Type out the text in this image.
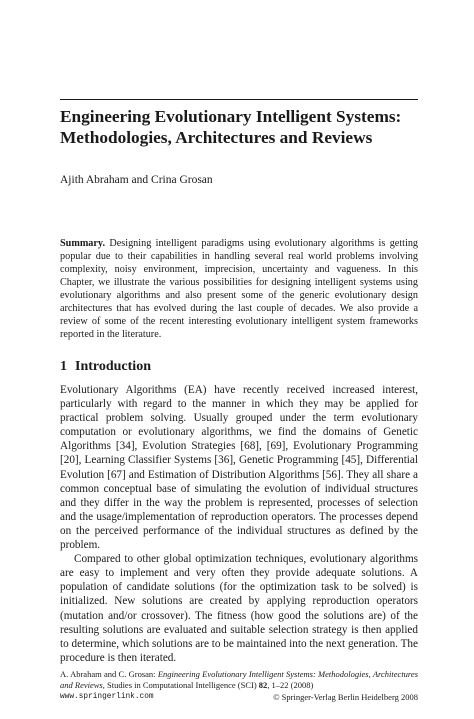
Engineering Evolutionary Intelligent Systems:
Methodologies, Architectures and Reviews
Ajith Abraham and Crina Grosan

Summary. Designing intelligent paradigms using evolutionary algorithms is getting popular due to their capabilities in handling several real world problems involving complexity, noisy environment, imprecision, uncertainty and vagueness. In this Chapter, we illustrate the various possibilities for designing intelligent systems using evolutionary algorithms and also present some of the generic evolutionary design architectures that has evolved during the last couple of decades. We also provide a review of some of the recent interesting evolutionary intelligent system frameworks reported in the literature.

1 Introduction

Evolutionary Algorithms (EA) have recently received increased interest, particularly with regard to the manner in which they may be applied for practical problem solving. Usually grouped under the term evolutionary computation or evolutionary algorithms, we find the domains of Genetic Algorithms [34], Evolution Strategies [68], [69], Evolutionary Programming [20], Learning Classifier Systems [36], Genetic Programming [45], Differential Evolution [67] and Estimation of Distribution Algorithms [56]. They all share a common conceptual base of simulating the evolution of individual structures and they differ in the way the problem is represented, processes of selection and the usage/implementation of reproduction operators. The processes depend on the perceived performance of the individual structures as defined by the problem.

Compared to other global optimization techniques, evolutionary algorithms are easy to implement and very often they provide adequate solutions. A population of candidate solutions (for the optimization task to be solved) is initialized. New solutions are created by applying reproduction operators (mutation and/or crossover). The fitness (how good the solutions are) of the resulting solutions are evaluated and suitable selection strategy is then applied to determine, which solutions are to be maintained into the next generation. The procedure is then iterated.

A. Abraham and C. Grosan: Engineering Evolutionary Intelligent Systems: Methodologies, Architectures and Reviews, Studies in Computational Intelligence (SCI) 82, 1–22 (2008)
www.springerlink.com	© Springer-Verlag Berlin Heidelberg 2008
